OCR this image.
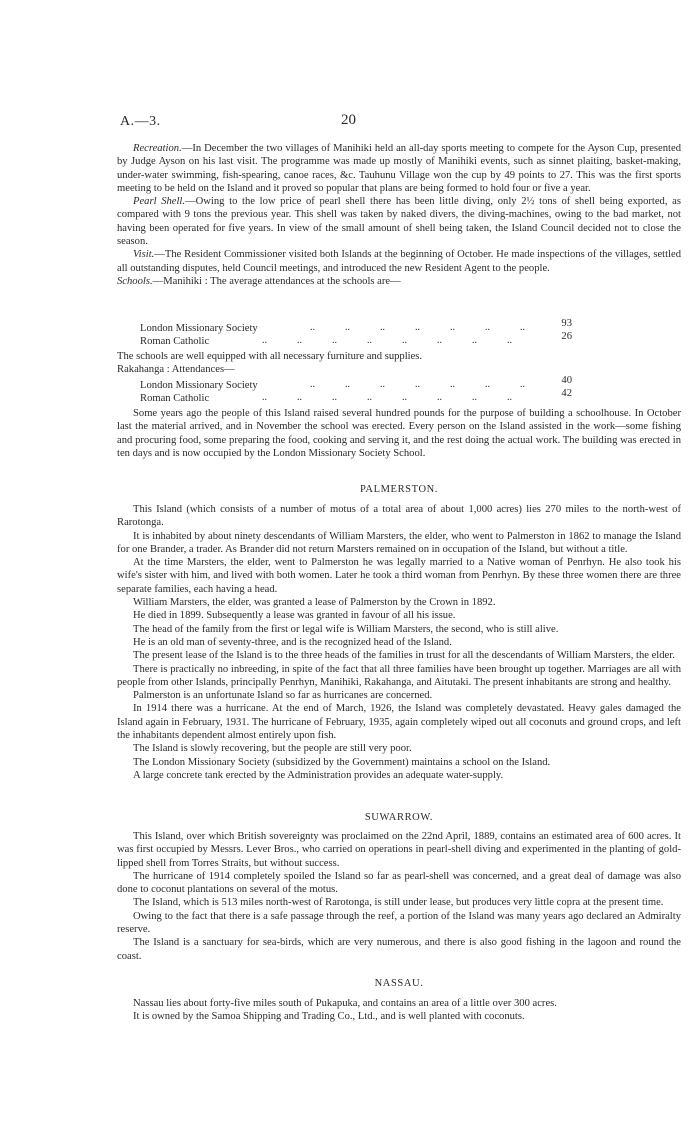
A.—3.	20

Recreation.—In December the two villages of Manihiki held an all-day sports meeting to compete for the Ayson Cup, presented by Judge Ayson on his last visit. The programme was made up mostly of Manihiki events, such as sinnet plaiting, basket-making, under-water swimming, fish-spearing, canoe races, &c. Tauhunu Village won the cup by 49 points to 27. This was the first sports meeting to be held on the Island and it proved so popular that plans are being formed to hold four or five a year.

Pearl Shell.—Owing to the low price of pearl shell there has been little diving, only 2½ tons of shell being exported, as compared with 9 tons the previous year. This shell was taken by naked divers, the diving-machines, owing to the bad market, not having been operated for five years. In view of the small amount of shell being taken, the Island Council decided not to close the season.

Visit.—The Resident Commissioner visited both Islands at the beginning of October. He made inspections of the villages, settled all outstanding disputes, held Council meetings, and introduced the new Resident Agent to the people.

Schools.—Manihiki : The average attendances at the schools are—

London Missionary Society	..   ..   ..   ..   ..   ..   ..	93
Roman Catholic	..   ..   ..   ..   ..   ..   ..   ..	26
The schools are well equipped with all necessary furniture and supplies.
Rakahanga : Attendances—
London Missionary Society	..   ..   ..   ..   ..   ..   ..	40
Roman Catholic	..   ..   ..   ..   ..   ..   ..   ..	42

Some years ago the people of this Island raised several hundred pounds for the purpose of building a schoolhouse. In October last the material arrived, and in November the school was erected. Every person on the Island assisted in the work—some fishing and procuring food, some preparing the food, cooking and serving it, and the rest doing the actual work. The building was erected in ten days and is now occupied by the London Missionary Society School.

PALMERSTON.

This Island (which consists of a number of motus of a total area of about 1,000 acres) lies 270 miles to the north-west of Rarotonga.

It is inhabited by about ninety descendants of William Marsters, the elder, who went to Palmerston in 1862 to manage the Island for one Brander, a trader. As Brander did not return Marsters remained on in occupation of the Island, but without a title.

At the time Marsters, the elder, went to Palmerston he was legally married to a Native woman of Penrhyn. He also took his wife's sister with him, and lived with both women. Later he took a third woman from Penrhyn. By these three women there are three separate families, each having a head.

William Marsters, the elder, was granted a lease of Palmerston by the Crown in 1892.

He died in 1899. Subsequently a lease was granted in favour of all his issue.

The head of the family from the first or legal wife is William Marsters, the second, who is still alive.

He is an old man of seventy-three, and is the recognized head of the Island.

The present lease of the Island is to the three heads of the families in trust for all the descendants of William Marsters, the elder.

There is practically no inbreeding, in spite of the fact that all three families have been brought up together. Marriages are all with people from other Islands, principally Penrhyn, Manihiki, Rakahanga, and Aitutaki. The present inhabitants are strong and healthy.

Palmerston is an unfortunate Island so far as hurricanes are concerned.

In 1914 there was a hurricane. At the end of March, 1926, the Island was completely devastated. Heavy gales damaged the Island again in February, 1931. The hurricane of February, 1935, again completely wiped out all coconuts and ground crops, and left the inhabitants dependent almost entirely upon fish.

The Island is slowly recovering, but the people are still very poor.

The London Missionary Society (subsidized by the Government) maintains a school on the Island.

A large concrete tank erected by the Administration provides an adequate water-supply.

SUWARROW.

This Island, over which British sovereignty was proclaimed on the 22nd April, 1889, contains an estimated area of 600 acres. It was first occupied by Messrs. Lever Bros., who carried on operations in pearl-shell diving and experimented in the planting of gold-lipped shell from Torres Straits, but without success.

The hurricane of 1914 completely spoiled the Island so far as pearl-shell was concerned, and a great deal of damage was also done to coconut plantations on several of the motus.

The Island, which is 513 miles north-west of Rarotonga, is still under lease, but produces very little copra at the present time.

Owing to the fact that there is a safe passage through the reef, a portion of the Island was many years ago declared an Admiralty reserve.

The Island is a sanctuary for sea-birds, which are very numerous, and there is also good fishing in the lagoon and round the coast.

NASSAU.

Nassau lies about forty-five miles south of Pukapuka, and contains an area of a little over 300 acres.

It is owned by the Samoa Shipping and Trading Co., Ltd., and is well planted with coconuts.
